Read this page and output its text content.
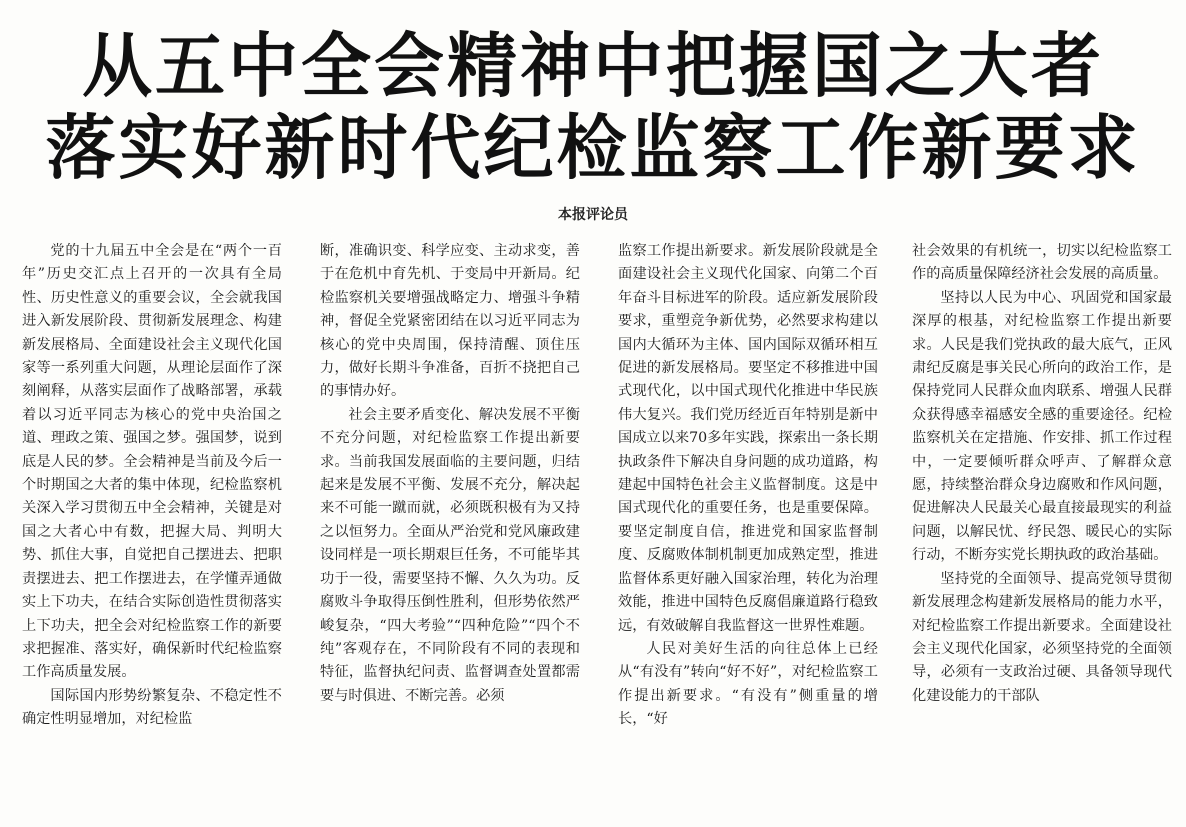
从五中全会精神中把握国之大者
落实好新时代纪检监察工作新要求
本报评论员

党的十九届五中全会是在“两个一百年”历史交汇点上召开的一次具有全局性、历史性意义的重要会议，全会就我国进入新发展阶段、贯彻新发展理念、构建新发展格局、全面建设社会主义现代化国家等一系列重大问题，从理论层面作了深刻阐释，从落实层面作了战略部署，承载着以习近平同志为核心的党中央治国之道、理政之策、强国之梦。强国梦，说到底是人民的梦。全会精神是当前及今后一个时期国之大者的集中体现，纪检监察机关深入学习贯彻五中全会精神，关键是对国之大者心中有数，把握大局、判明大势、抓住大事，自觉把自己摆进去、把职责摆进去、把工作摆进去，在学懂弄通做实上下功夫，在结合实际创造性贯彻落实上下功夫，把全会对纪检监察工作的新要求把握准、落实好，确保新时代纪检监察工作高质量发展。

国际国内形势纷繁复杂、不稳定性不确定性明显增加，对纪检监

断，准确识变、科学应变、主动求变，善于在危机中育先机、于变局中开新局。纪检监察机关要增强战略定力、增强斗争精神，督促全党紧密团结在以习近平同志为核心的党中央周围，保持清醒、顶住压力，做好长期斗争准备，百折不挠把自己的事情办好。

社会主要矛盾变化、解决发展不平衡不充分问题，对纪检监察工作提出新要求。当前我国发展面临的主要问题，归结起来是发展不平衡、发展不充分，解决起来不可能一蹴而就，必须既积极有为又持之以恒努力。全面从严治党和党风廉政建设同样是一项长期艰巨任务，不可能毕其功于一役，需要坚持不懈、久久为功。反腐败斗争取得压倒性胜利，但形势依然严峻复杂，“四大考验”“四种危险”“四个不纯”客观存在，不同阶段有不同的表现和特征，监督执纪问责、监督调查处置都需要与时俱进、不断完善。必须

监察工作提出新要求。新发展阶段就是全面建设社会主义现代化国家、向第二个百年奋斗目标进军的阶段。适应新发展阶段要求，重塑竞争新优势，必然要求构建以国内大循环为主体、国内国际双循环相互促进的新发展格局。要坚定不移推进中国式现代化，以中国式现代化推进中华民族伟大复兴。我们党历经近百年特别是新中国成立以来70多年实践，探索出一条长期执政条件下解决自身问题的成功道路，构建起中国特色社会主义监督制度。这是中国式现代化的重要任务，也是重要保障。要坚定制度自信，推进党和国家监督制度、反腐败体制机制更加成熟定型，推进监督体系更好融入国家治理，转化为治理效能，推进中国特色反腐倡廉道路行稳致远，有效破解自我监督这一世界性难题。

人民对美好生活的向往总体上已经从“有没有”转向“好不好”，对纪检监察工作提出新要求。“有没有”侧重量的增长，“好

社会效果的有机统一，切实以纪检监察工作的高质量保障经济社会发展的高质量。

坚持以人民为中心、巩固党和国家最深厚的根基，对纪检监察工作提出新要求。人民是我们党执政的最大底气，正风肃纪反腐是事关民心所向的政治工作，是保持党同人民群众血肉联系、增强人民群众获得感幸福感安全感的重要途径。纪检监察机关在定措施、作安排、抓工作过程中，一定要倾听群众呼声、了解群众意愿，持续整治群众身边腐败和作风问题，促进解决人民最关心最直接最现实的利益问题，以解民忧、纾民怨、暖民心的实际行动，不断夯实党长期执政的政治基础。

坚持党的全面领导、提高党领导贯彻新发展理念构建新发展格局的能力水平，对纪检监察工作提出新要求。全面建设社会主义现代化国家，必须坚持党的全面领导，必须有一支政治过硬、具备领导现代化建设能力的干部队
